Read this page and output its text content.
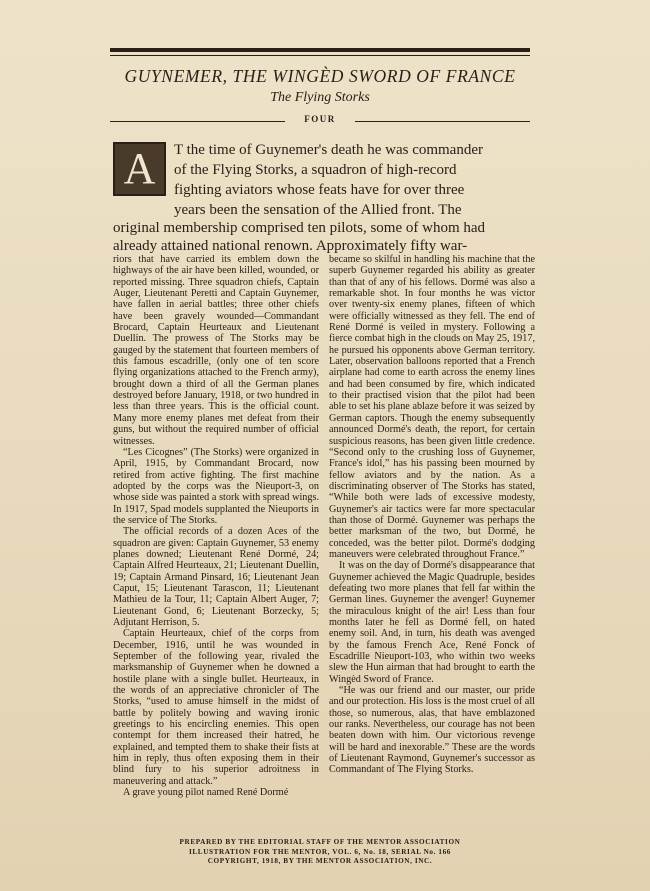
GUYNEMER, THE WINGÈD SWORD OF FRANCE
The Flying Storks
FOUR
A T the time of Guynemer's death he was commander
of the Flying Storks, a squadron of high-record
fighting aviators whose feats have for over three
years been the sensation of the Allied front. The
original membership comprised ten pilots, some of whom had
already attained national renown. Approximately fifty war-

riors that have carried its emblem down the highways of the air have been killed, wounded, or reported missing. Three squadron chiefs, Captain Auger, Lieutenant Peretti and Captain Guynemer, have fallen in aerial battles; three other chiefs have been gravely wounded—Commandant Brocard, Captain Heurteaux and Lieutenant Duellin. The prowess of The Storks may be gauged by the statement that fourteen members of this famous escadrille, (only one of ten score flying organizations attached to the French army), brought down a third of all the German planes destroyed before January, 1918, or two hundred in less than three years. This is the official count. Many more enemy planes met defeat from their guns, but without the required number of official witnesses.

“Les Cicognes” (The Storks) were organized in April, 1915, by Commandant Brocard, now retired from active fighting. The first machine adopted by the corps was the Nieuport-3, on whose side was painted a stork with spread wings. In 1917, Spad models supplanted the Nieuports in the service of The Storks.

The official records of a dozen Aces of the squadron are given: Captain Guynemer, 53 enemy planes downed; Lieutenant René Dormé, 24; Captain Alfred Heurteaux, 21; Lieutenant Duellin, 19; Captain Armand Pinsard, 16; Lieutenant Jean Caput, 15; Lieutenant Tarascon, 11; Lieutenant Mathieu de la Tour, 11; Captain Albert Auger, 7; Lieutenant Gond, 6; Lieutenant Borzecky, 5; Adjutant Herrison, 5.

Captain Heurteaux, chief of the corps from December, 1916, until he was wounded in September of the following year, rivaled the marksmanship of Guynemer when he downed a hostile plane with a single bullet. Heurteaux, in the words of an appreciative chronicler of The Storks, “used to amuse himself in the midst of battle by politely bowing and waving ironic greetings to his encircling enemies. This open contempt for them increased their hatred, he explained, and tempted them to shake their fists at him in reply, thus often exposing them in their blind fury to his superior adroitness in maneuvering and attack.”

A grave young pilot named René Dormé

became so skilful in handling his machine that the superb Guynemer regarded his ability as greater than that of any of his fellows. Dormé was also a remarkable shot. In four months he was victor over twenty-six enemy planes, fifteen of which were officially witnessed as they fell. The end of René Dormé is veiled in mystery. Following a fierce combat high in the clouds on May 25, 1917, he pursued his opponents above German territory. Later, observation balloons reported that a French airplane had come to earth across the enemy lines and had been consumed by fire, which indicated to their practised vision that the pilot had been able to set his plane ablaze before it was seized by German captors. Though the enemy subsequently announced Dormé's death, the report, for certain suspicious reasons, has been given little credence. “Second only to the crushing loss of Guynemer, France's idol,” has his passing been mourned by fellow aviators and by the nation. As a discriminating observer of The Storks has stated, “While both were lads of excessive modesty, Guynemer's air tactics were far more spectacular than those of Dormé. Guynemer was perhaps the better marksman of the two, but Dormé, he conceded, was the better pilot. Dormé's dodging maneuvers were celebrated throughout France.”

It was on the day of Dormé's disappearance that Guynemer achieved the Magic Quadruple, besides defeating two more planes that fell far within the German lines. Guynemer the avenger! Guynemer the miraculous knight of the air! Less than four months later he fell as Dormé fell, on hated enemy soil. And, in turn, his death was avenged by the famous French Ace, René Fonck of Escadrille Nieuport-103, who within two weeks slew the Hun airman that had brought to earth the Wingèd Sword of France.

“He was our friend and our master, our pride and our protection. His loss is the most cruel of all those, so numerous, alas, that have emblazoned our ranks. Nevertheless, our courage has not been beaten down with him. Our victorious revenge will be hard and inexorable.” These are the words of Lieutenant Raymond, Guynemer's successor as Commandant of The Flying Storks.

PREPARED BY THE EDITORIAL STAFF OF THE MENTOR ASSOCIATION
ILLUSTRATION FOR THE MENTOR, VOL. 6, No. 18, SERIAL No. 166
COPYRIGHT, 1918, BY THE MENTOR ASSOCIATION, INC.
